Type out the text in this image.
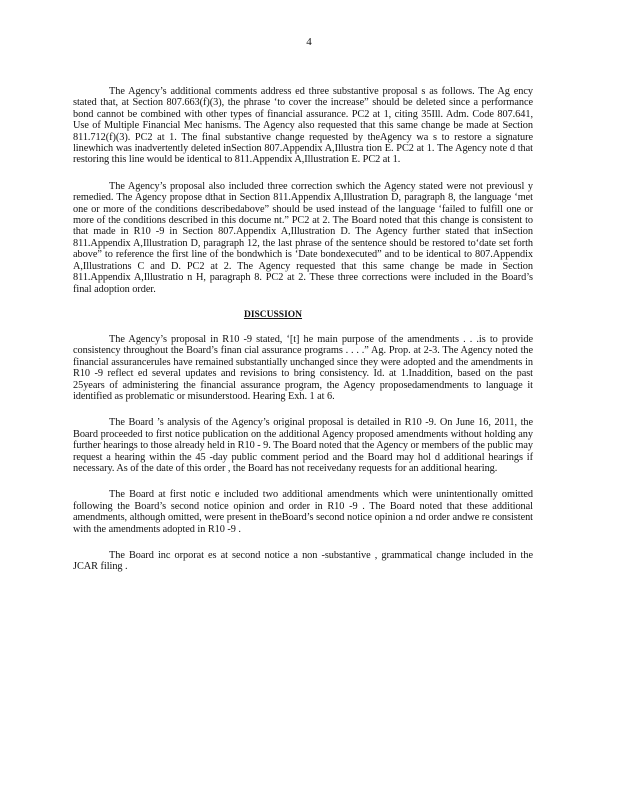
4

The Agency’s additional comments address ed three substantive proposal s as follows. The Ag ency stated that, at Section 807.663(f)(3), the phrase ‘to cover the increase” should be deleted since a performance bond cannot be combined with other types of financial assurance. PC2 at 1, citing 35Ill. Adm. Code 807.641, Use of Multiple Financial Mec hanisms. The Agency also requested that this same change be made at Section 811.712(f)(3). PC2 at 1. The final substantive change requested by theAgency wa s to restore a signature linewhich was inadvertently deleted inSection 807.Appendix A,Illustra tion E. PC2 at 1. The Agency note d that restoring this line would be identical to 811.Appendix A,Illustration E. PC2 at 1.

The Agency’s proposal also included three correction swhich the Agency stated were not previousl y remedied. The Agency propose dthat in Section 811.Appendix A,Illustration D, paragraph 8, the language ‘met one or more of the conditions describedabove” should be used instead of the language ‘failed to fulfill one or more of the conditions described in this docume nt.” PC2 at 2. The Board noted that this change is consistent to that made in R10 -9 in Section 807.Appendix A,Illustration D. The Agency further stated that inSection 811.Appendix A,Illustration D, paragraph 12, the last phrase of the sentence should be restored to‘date set forth above” to reference the first line of the bondwhich is ‘Date bondexecuted” and to be identical to 807.Appendix A,Illustrations C and D. PC2 at 2. The Agency requested that this same change be made in Section 811.Appendix A,Illustratio n H, paragraph 8. PC2 at 2. These three corrections were included in the Board’s final adoption order.

DISCUSSION

The Agency’s proposal in R10 -9 stated, ‘[t] he main purpose of the amendments . . .is to provide consistency throughout the Board’s finan cial assurance programs . . . .” Ag. Prop. at 2-3. The Agency noted the financial assurancerules have remained substantially unchanged since they were adopted and the amendments in R10 -9 reflect ed several updates and revisions to bring consistency. Id. at 1.Inaddition, based on the past 25years of administering the financial assurance program, the Agency proposedamendments to language it identified as problematic or misunderstood. Hearing Exh. 1 at 6.

The Board ’s analysis of the Agency’s original proposal is detailed in R10 -9. On June 16, 2011, the Board proceeded to first notice publication on the additional Agency proposed amendments without holding any further hearings to those already held in R10 - 9. The Board noted that the Agency or members of the public may request a hearing within the 45 -day public comment period and the Board may hol d additional hearings if necessary. As of the date of this order , the Board has not receivedany requests for an additional hearing.

The Board at first notic e included two additional amendments which were unintentionally omitted following the Board’s second notice opinion and order in R10 -9 . The Board noted that these additional amendments, although omitted, were present in theBoard’s second notice opinion a nd order andwe re consistent with the amendments adopted in R10 -9 .

The Board inc orporat es at second notice a non -substantive , grammatical change included in the JCAR filing .
